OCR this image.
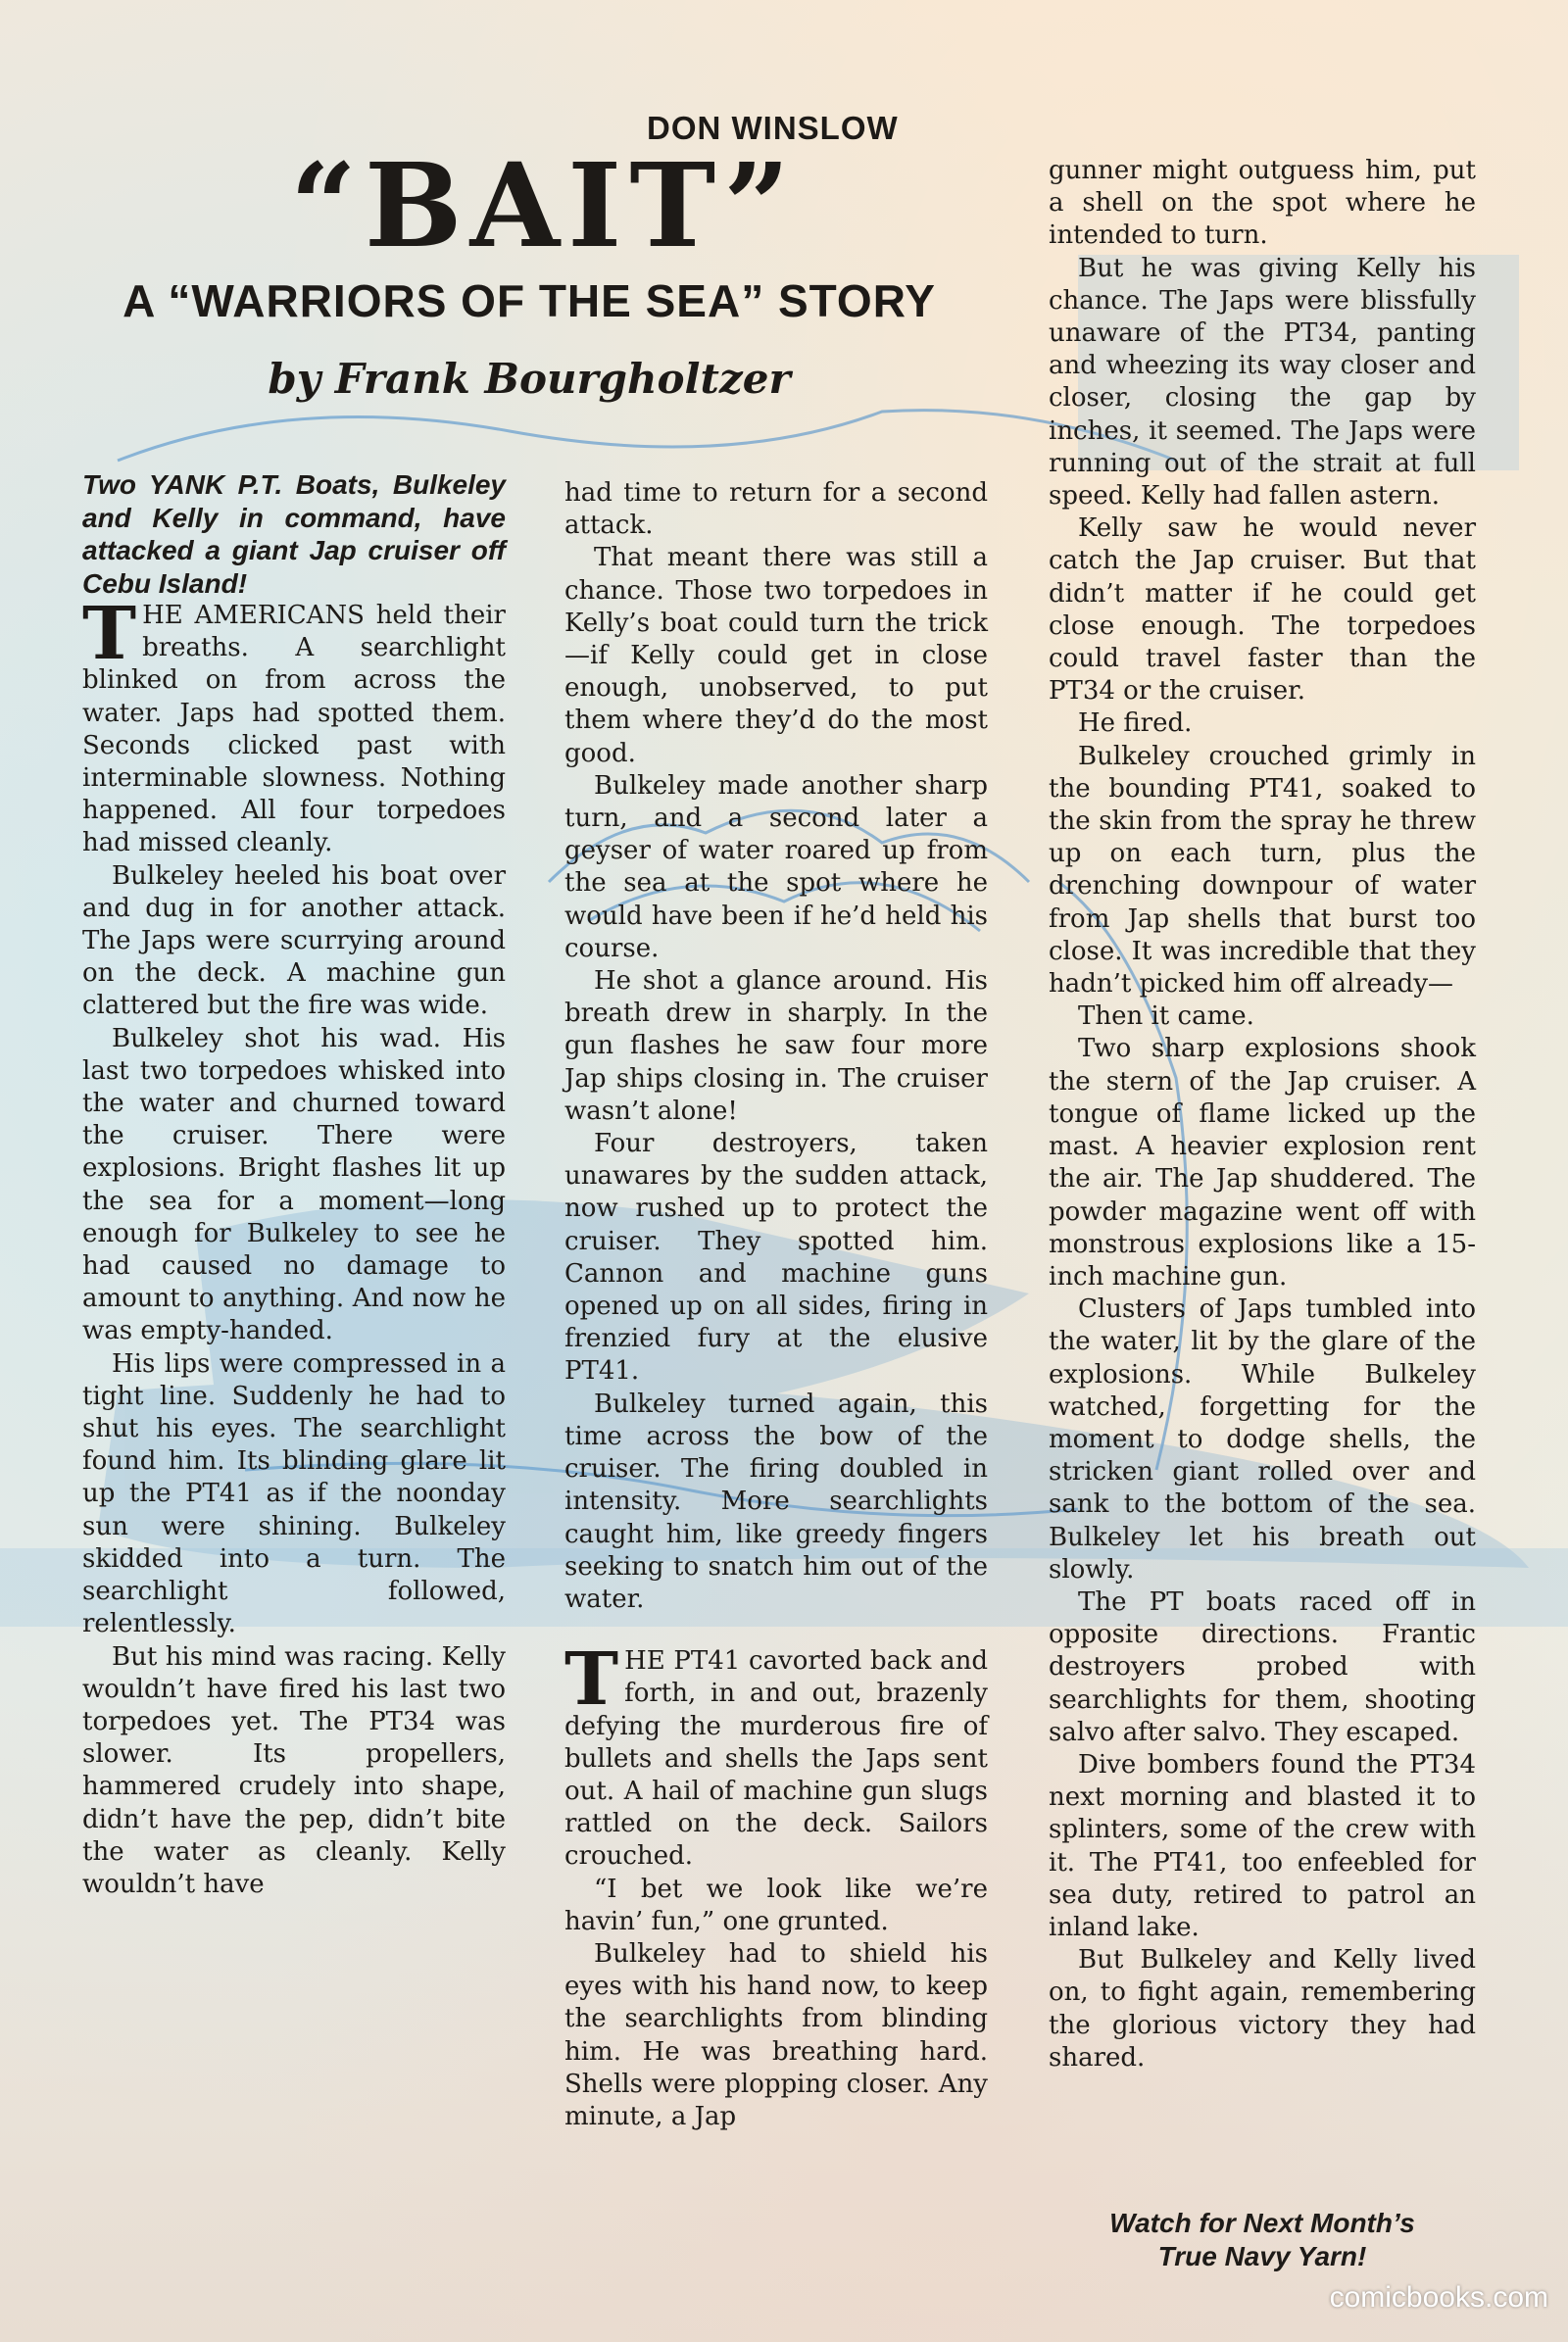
DON WINSLOW
“BAIT”
A “WARRIORS OF THE SEA” STORY
by Frank Bourgholtzer

Two YANK P.T. Boats, Bulkeley and Kelly in command, have attacked a giant Jap cruiser off Cebu Island!

THE AMERICANS held their breaths. A searchlight blinked on from across the water. Japs had spotted them. Seconds clicked past with interminable slowness. Nothing happened. All four torpedoes had missed cleanly.

Bulkeley heeled his boat over and dug in for another attack. The Japs were scurrying around on the deck. A machine gun clattered but the fire was wide.

Bulkeley shot his wad. His last two torpedoes whisked into the water and churned toward the cruiser. There were explosions. Bright flashes lit up the sea for a moment—long enough for Bulkeley to see he had caused no damage to amount to anything. And now he was empty-handed.

His lips were compressed in a tight line. Suddenly he had to shut his eyes. The searchlight found him. Its blinding glare lit up the PT41 as if the noonday sun were shining. Bulkeley skidded into a turn. The searchlight followed, relentlessly.

But his mind was racing. Kelly wouldn’t have fired his last two torpedoes yet. The PT34 was slower. Its propellers, hammered crudely into shape, didn’t have the pep, didn’t bite the water as cleanly. Kelly wouldn’t have

had time to return for a second attack.

That meant there was still a chance. Those two torpedoes in Kelly’s boat could turn the trick—if Kelly could get in close enough, unobserved, to put them where they’d do the most good.

Bulkeley made another sharp turn, and a second later a geyser of water roared up from the sea at the spot where he would have been if he’d held his course.

He shot a glance around. His breath drew in sharply. In the gun flashes he saw four more Jap ships closing in. The cruiser wasn’t alone!

Four destroyers, taken unawares by the sudden attack, now rushed up to protect the cruiser. They spotted him. Cannon and machine guns opened up on all sides, firing in frenzied fury at the elusive PT41.

Bulkeley turned again, this time across the bow of the cruiser. The firing doubled in intensity. More searchlights caught him, like greedy fingers seeking to snatch him out of the water.

THE PT41 cavorted back and forth, in and out, brazenly defying the murderous fire of bullets and shells the Japs sent out. A hail of machine gun slugs rattled on the deck. Sailors crouched.

“I bet we look like we’re havin’ fun,” one grunted.

Bulkeley had to shield his eyes with his hand now, to keep the searchlights from blinding him. He was breathing hard. Shells were plopping closer. Any minute, a Jap

gunner might outguess him, put a shell on the spot where he intended to turn.

But he was giving Kelly his chance. The Japs were blissfully unaware of the PT34, panting and wheezing its way closer and closer, closing the gap by inches, it seemed. The Japs were running out of the strait at full speed. Kelly had fallen astern.

Kelly saw he would never catch the Jap cruiser. But that didn’t matter if he could get close enough. The torpedoes could travel faster than the PT34 or the cruiser.

He fired.

Bulkeley crouched grimly in the bounding PT41, soaked to the skin from the spray he threw up on each turn, plus the drenching downpour of water from Jap shells that burst too close. It was incredible that they hadn’t picked him off already—

Then it came.

Two sharp explosions shook the stern of the Jap cruiser. A tongue of flame licked up the mast. A heavier explosion rent the air. The Jap shuddered. The powder magazine went off with monstrous explosions like a 15-inch machine gun.

Clusters of Japs tumbled into the water, lit by the glare of the explosions. While Bulkeley watched, forgetting for the moment to dodge shells, the stricken giant rolled over and sank to the bottom of the sea. Bulkeley let his breath out slowly.

The PT boats raced off in opposite directions. Frantic destroyers probed with searchlights for them, shooting salvo after salvo. They escaped.

Dive bombers found the PT34 next morning and blasted it to splinters, some of the crew with it. The PT41, too enfeebled for sea duty, retired to patrol an inland lake.

But Bulkeley and Kelly lived on, to fight again, remembering the glorious victory they had shared.

Watch for Next Month’s
True Navy Yarn!
comicbooks.com
